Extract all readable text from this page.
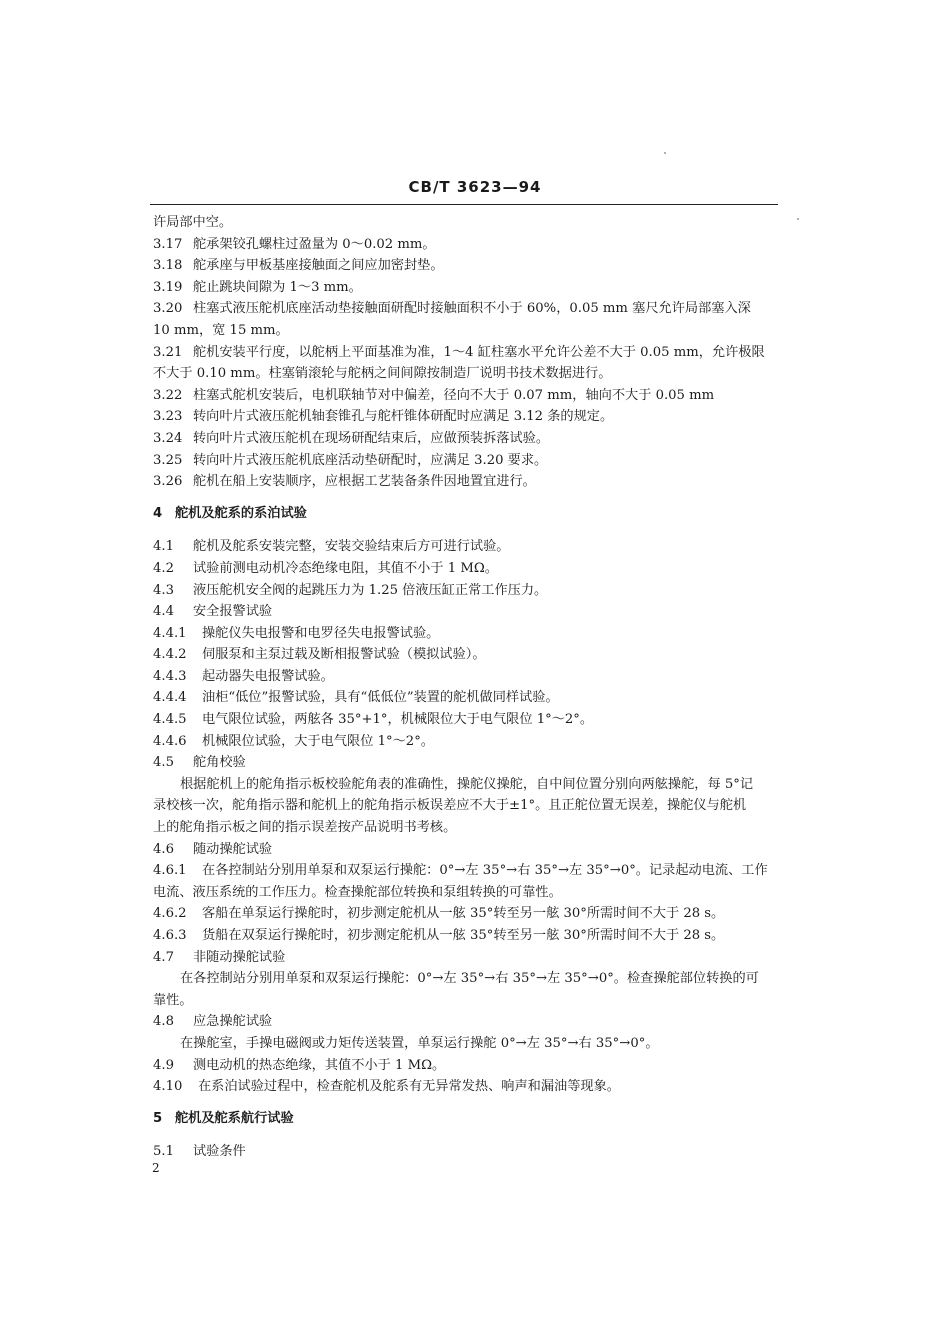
CB/T 3623—94
许局部中空。
3.17 舵承架铰孔螺柱过盈量为 0～0.02 mm。
3.18 舵承座与甲板基座接触面之间应加密封垫。
3.19 舵止跳块间隙为 1～3 mm。
3.20 柱塞式液压舵机底座活动垫接触面研配时接触面积不小于 60%，0.05 mm 塞尺允许局部塞入深
10 mm，宽 15 mm。
3.21 舵机安装平行度，以舵柄上平面基准为准，1～4 缸柱塞水平允许公差不大于 0.05 mm，允许极限
不大于 0.10 mm。柱塞销滚轮与舵柄之间间隙按制造厂说明书技术数据进行。
3.22 柱塞式舵机安装后，电机联轴节对中偏差，径向不大于 0.07 mm，轴向不大于 0.05 mm
3.23 转向叶片式液压舵机轴套锥孔与舵杆锥体研配时应满足 3.12 条的规定。
3.24 转向叶片式液压舵机在现场研配结束后，应做预装拆落试验。
3.25 转向叶片式液压舵机底座活动垫研配时，应满足 3.20 要求。
3.26 舵机在船上安装顺序，应根据工艺装备条件因地置宜进行。
4 舵机及舵系的系泊试验
4.1 舵机及舵系安装完整，安装交验结束后方可进行试验。
4.2 试验前测电动机冷态绝缘电阻，其值不小于 1 MΩ。
4.3 液压舵机安全阀的起跳压力为 1.25 倍液压缸正常工作压力。
4.4 安全报警试验
4.4.1 操舵仪失电报警和电罗径失电报警试验。
4.4.2 伺服泵和主泵过载及断相报警试验（模拟试验）。
4.4.3 起动器失电报警试验。
4.4.4 油柜“低位”报警试验，具有“低低位”装置的舵机做同样试验。
4.4.5 电气限位试验，两舷各 35°+1°，机械限位大于电气限位 1°～2°。
4.4.6 机械限位试验，大于电气限位 1°～2°。
4.5 舵角校验
根据舵机上的舵角指示板校验舵角表的准确性，操舵仪操舵，自中间位置分别向两舷操舵，每 5°记
录校核一次，舵角指示器和舵机上的舵角指示板误差应不大于±1°。且正舵位置无误差，操舵仪与舵机
上的舵角指示板之间的指示误差按产品说明书考核。
4.6 随动操舵试验
4.6.1 在各控制站分别用单泵和双泵运行操舵：0°→左 35°→右 35°→左 35°→0°。记录起动电流、工作
电流、液压系统的工作压力。检查操舵部位转换和泵组转换的可靠性。
4.6.2 客船在单泵运行操舵时，初步测定舵机从一舷 35°转至另一舷 30°所需时间不大于 28 s。
4.6.3 货船在双泵运行操舵时，初步测定舵机从一舷 35°转至另一舷 30°所需时间不大于 28 s。
4.7 非随动操舵试验
在各控制站分别用单泵和双泵运行操舵：0°→左 35°→右 35°→左 35°→0°。检查操舵部位转换的可
靠性。
4.8 应急操舵试验
在操舵室，手操电磁阀或力矩传送装置，单泵运行操舵 0°→左 35°→右 35°→0°。
4.9 测电动机的热态绝缘，其值不小于 1 MΩ。
4.10 在系泊试验过程中，检查舵机及舵系有无异常发热、响声和漏油等现象。
5 舵机及舵系航行试验
5.1 试验条件
2
